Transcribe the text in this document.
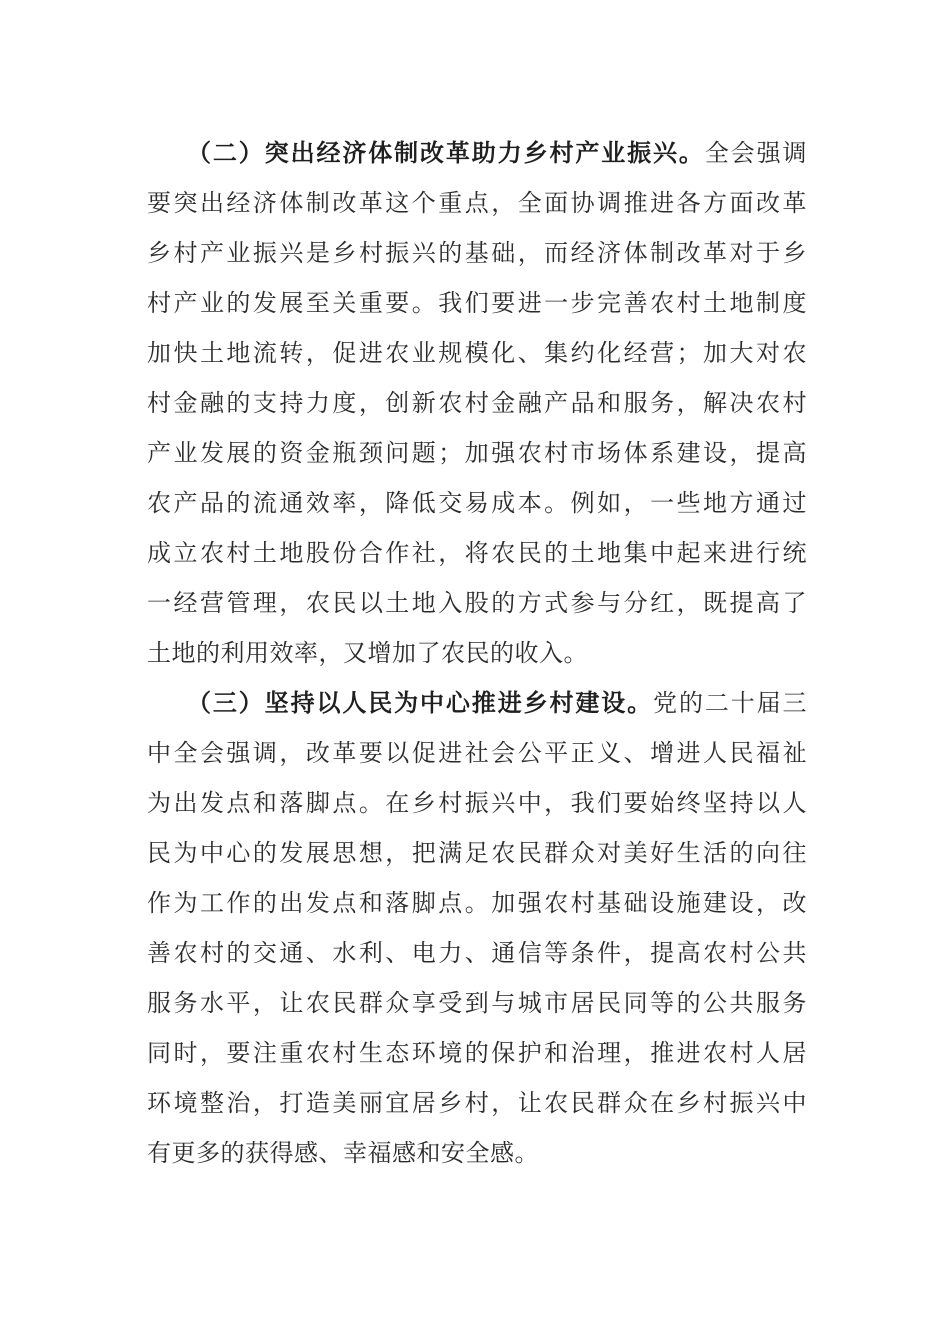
（二）突出经济体制改革助力乡村产业振兴。全会强调
要突出经济体制改革这个重点，全面协调推进各方面改革
乡村产业振兴是乡村振兴的基础，而经济体制改革对于乡
村产业的发展至关重要。我们要进一步完善农村土地制度
加快土地流转，促进农业规模化、集约化经营；加大对农
村金融的支持力度，创新农村金融产品和服务，解决农村
产业发展的资金瓶颈问题；加强农村市场体系建设，提高
农产品的流通效率，降低交易成本。例如，一些地方通过
成立农村土地股份合作社，将农民的土地集中起来进行统
一经营管理，农民以土地入股的方式参与分红，既提高了
土地的利用效率，又增加了农民的收入。
（三）坚持以人民为中心推进乡村建设。党的二十届三
中全会强调，改革要以促进社会公平正义、增进人民福祉
为出发点和落脚点。在乡村振兴中，我们要始终坚持以人
民为中心的发展思想，把满足农民群众对美好生活的向往
作为工作的出发点和落脚点。加强农村基础设施建设，改
善农村的交通、水利、电力、通信等条件，提高农村公共
服务水平，让农民群众享受到与城市居民同等的公共服务
同时，要注重农村生态环境的保护和治理，推进农村人居
环境整治，打造美丽宜居乡村，让农民群众在乡村振兴中
有更多的获得感、幸福感和安全感。
